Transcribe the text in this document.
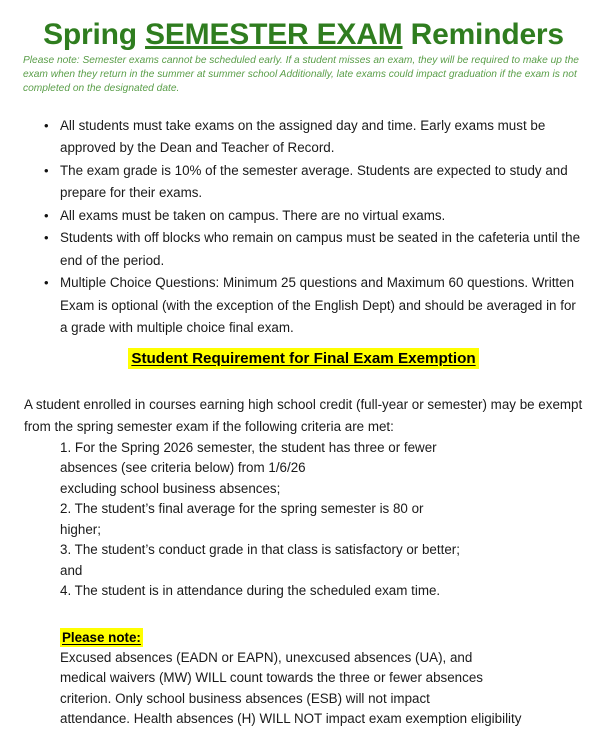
Spring SEMESTER EXAM Reminders
Please note: Semester exams cannot be scheduled early. If a student misses an exam, they will be required to make up the exam when they return in the summer at summer school Additionally, late exams could impact graduation if the exam is not completed on the designated date.
• All students must take exams on the assigned day and time. Early exams must be approved by the Dean and Teacher of Record.
• The exam grade is 10% of the semester average. Students are expected to study and prepare for their exams.
• All exams must be taken on campus. There are no virtual exams.
• Students with off blocks who remain on campus must be seated in the cafeteria until the end of the period.
• Multiple Choice Questions: Minimum 25 questions and Maximum 60 questions. Written Exam is optional (with the exception of the English Dept) and should be averaged in for a grade with multiple choice final exam.
Student Requirement for Final Exam Exemption

A student enrolled in courses earning high school credit (full-year or semester) may be exempt from the spring semester exam if the following criteria are met:

1. For the Spring 2026 semester, the student has three or fewer
absences (see criteria below) from 1/6/26
excluding school business absences;
2. The student’s final average for the spring semester is 80 or
higher;
3. The student’s conduct grade in that class is satisfactory or better;
and
4. The student is in attendance during the scheduled exam time.
Please note:
Excused absences (EADN or EAPN), unexcused absences (UA), and
medical waivers (MW) WILL count towards the three or fewer absences
criterion. Only school business absences (ESB) will not impact
attendance. Health absences (H) WILL NOT impact exam exemption eligibility
